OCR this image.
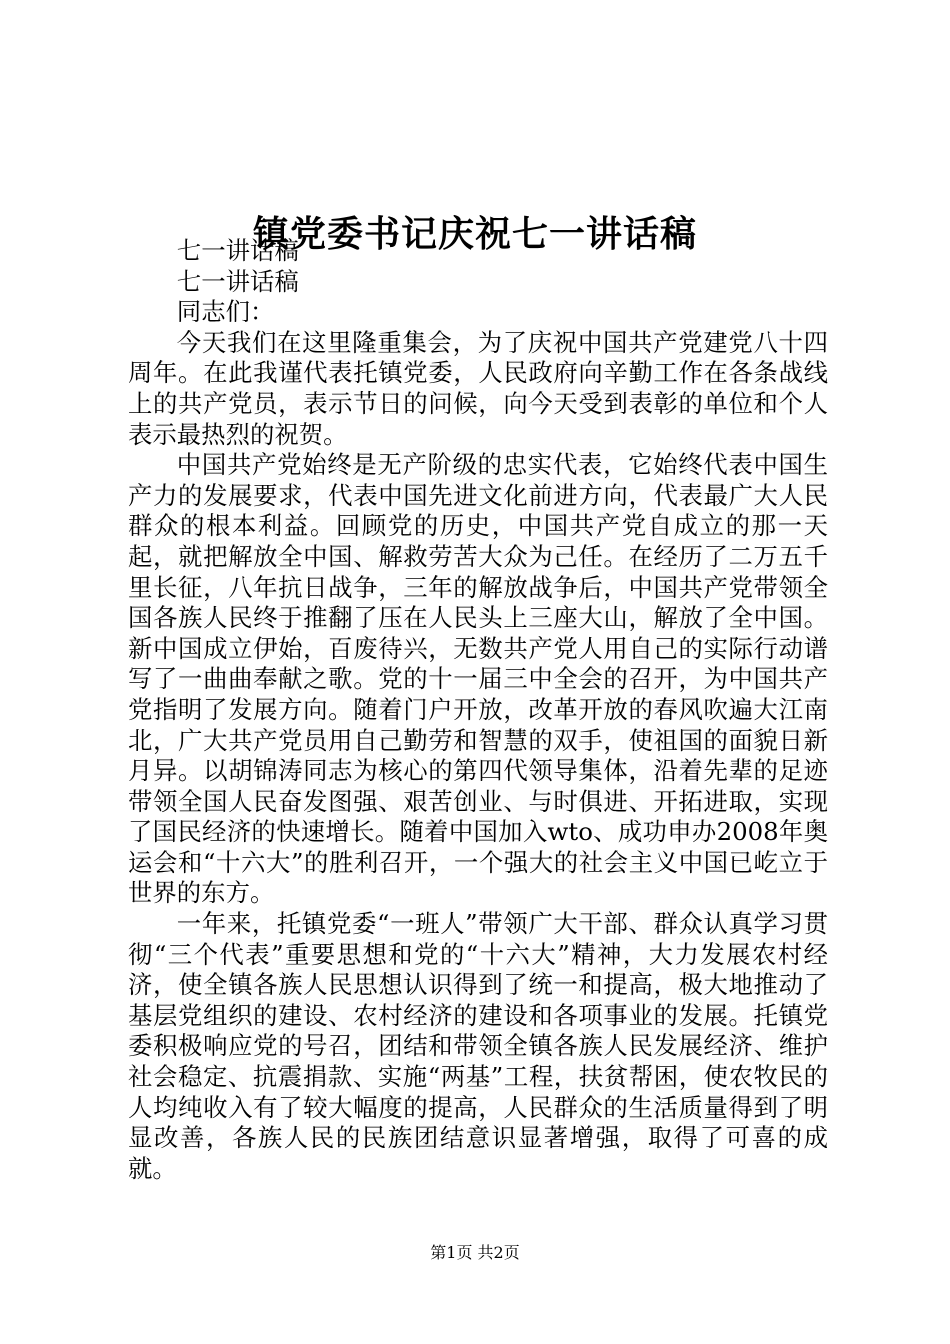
镇党委书记庆祝七一讲话稿

七一讲话稿

七一讲话稿

同志们：

今天我们在这里隆重集会，为了庆祝中国共产党建党八十四周年。在此我谨代表托镇党委，人民政府向辛勤工作在各条战线上的共产党员，表示节日的问候，向今天受到表彰的单位和个人表示最热烈的祝贺。

中国共产党始终是无产阶级的忠实代表，它始终代表中国生产力的发展要求，代表中国先进文化前进方向，代表最广大人民群众的根本利益。回顾党的历史，中国共产党自成立的那一天起，就把解放全中国、解救劳苦大众为己任。在经历了二万五千里长征，八年抗日战争，三年的解放战争后，中国共产党带领全国各族人民终于推翻了压在人民头上三座大山，解放了全中国。新中国成立伊始，百废待兴，无数共产党人用自己的实际行动谱写了一曲曲奉献之歌。党的十一届三中全会的召开，为中国共产党指明了发展方向。随着门户开放，改革开放的春风吹遍大江南北，广大共产党员用自己勤劳和智慧的双手，使祖国的面貌日新月异。以胡锦涛同志为核心的第四代领导集体，沿着先辈的足迹带领全国人民奋发图强、艰苦创业、与时俱进、开拓进取，实现了国民经济的快速增长。随着中国加入wto、成功申办2008年奥运会和“十六大”的胜利召开，一个强大的社会主义中国已屹立于世界的东方。

一年来，托镇党委“一班人”带领广大干部、群众认真学习贯彻“三个代表”重要思想和党的“十六大”精神，大力发展农村经济，使全镇各族人民思想认识得到了统一和提高，极大地推动了基层党组织的建设、农村经济的建设和各项事业的发展。托镇党委积极响应党的号召，团结和带领全镇各族人民发展经济、维护社会稳定、抗震捐款、实施“两基”工程，扶贫帮困，使农牧民的人均纯收入有了较大幅度的提高，人民群众的生活质量得到了明显改善，各族人民的民族团结意识显著增强，取得了可喜的成就。

第1页 共2页
